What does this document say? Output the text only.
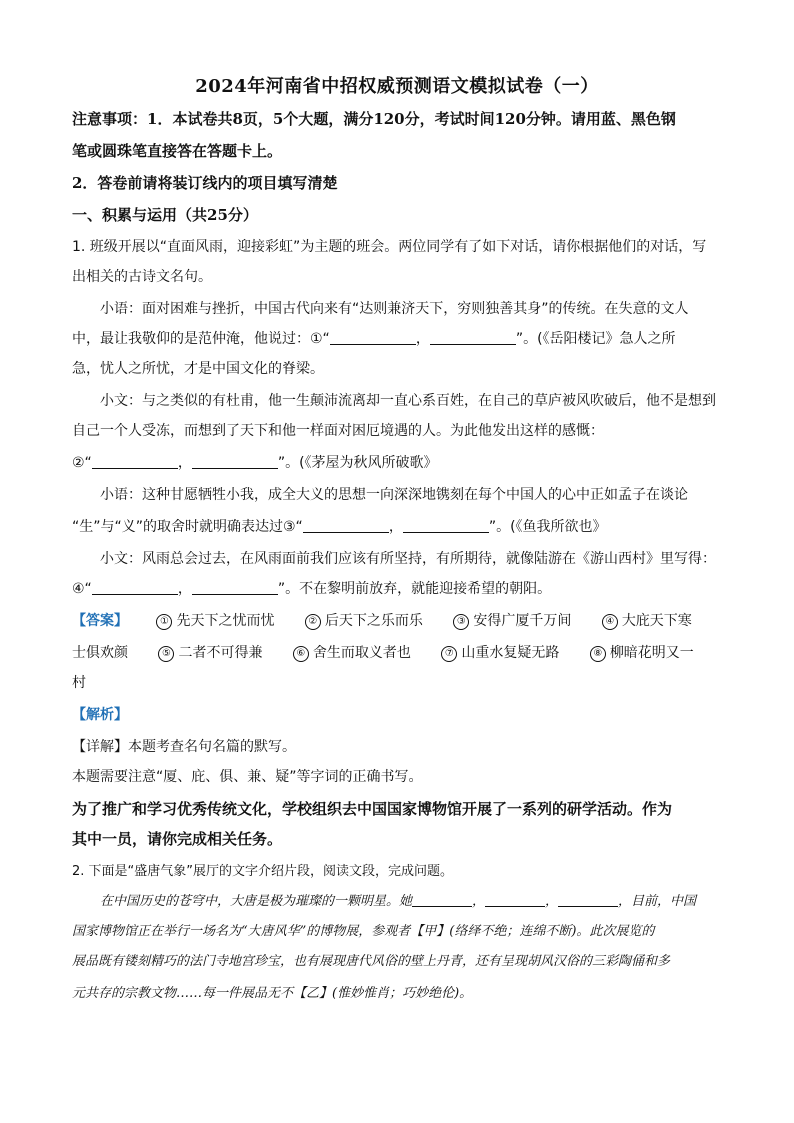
2024年河南省中招权威预测语文模拟试卷（一）
注意事项：1．本试卷共8页，5个大题，满分120分，考试时间120分钟。请用蓝、黑色钢
笔或圆珠笔直接答在答题卡上。
2．答卷前请将装订线内的项目填写清楚
一、积累与运用（共25分）
1. 班级开展以“直面风雨，迎接彩虹”为主题的班会。两位同学有了如下对话，请你根据他们的对话，写
出相关的古诗文名句。
小语：面对困难与挫折，中国古代向来有“达则兼济天下，穷则独善其身”的传统。在失意的文人
中，最让我敬仰的是范仲淹，他说过：①“	，	”。(《岳阳楼记》急人之所
急，忧人之所忧，才是中国文化的脊梁。
小文：与之类似的有杜甫，他一生颠沛流离却一直心系百姓，在自己的草庐被风吹破后，他不是想到
自己一个人受冻，而想到了天下和他一样面对困厄境遇的人。为此他发出这样的感慨：
②“	，	”。(《茅屋为秋风所破歌》
小语：这种甘愿牺牲小我，成全大义的思想一向深深地镌刻在每个中国人的心中正如孟子在谈论
“生”与“义”的取舍时就明确表达过③“	，	”。(《鱼我所欲也》
小文：风雨总会过去，在风雨面前我们应该有所坚持，有所期待，就像陆游在《游山西村》里写得：
④“	，	”。不在黎明前放弃，就能迎接希望的朝阳。
【答案】	① 先天下之忧而忧	② 后天下之乐而乐	③ 安得广厦千万间	④ 大庇天下寒
士俱欢颜	⑤ 二者不可得兼	⑥ 舍生而取义者也	⑦ 山重水复疑无路	⑧ 柳暗花明又一
村
【解析】
【详解】本题考查名句名篇的默写。
本题需要注意“厦、庇、俱、兼、疑”等字词的正确书写。
为了推广和学习优秀传统文化，学校组织去中国国家博物馆开展了一系列的研学活动。作为
其中一员，请你完成相关任务。
2. 下面是“盛唐气象”展厅的文字介绍片段，阅读文段，完成问题。
在中国历史的苍穹中，大唐是极为璀璨的一颗明星。她	，	，	，目前，中国
国家博物馆正在举行一场名为“大唐风华”的博物展，参观者【甲】(络绎不绝；连绵不断)。此次展览的
展品既有镂刻精巧的法门寺地宫珍宝，也有展现唐代风俗的壁上丹青，还有呈现胡风汉俗的三彩陶俑和多
元共存的宗教文物……每一件展品无不【乙】(惟妙惟肖；巧妙绝伦)。
